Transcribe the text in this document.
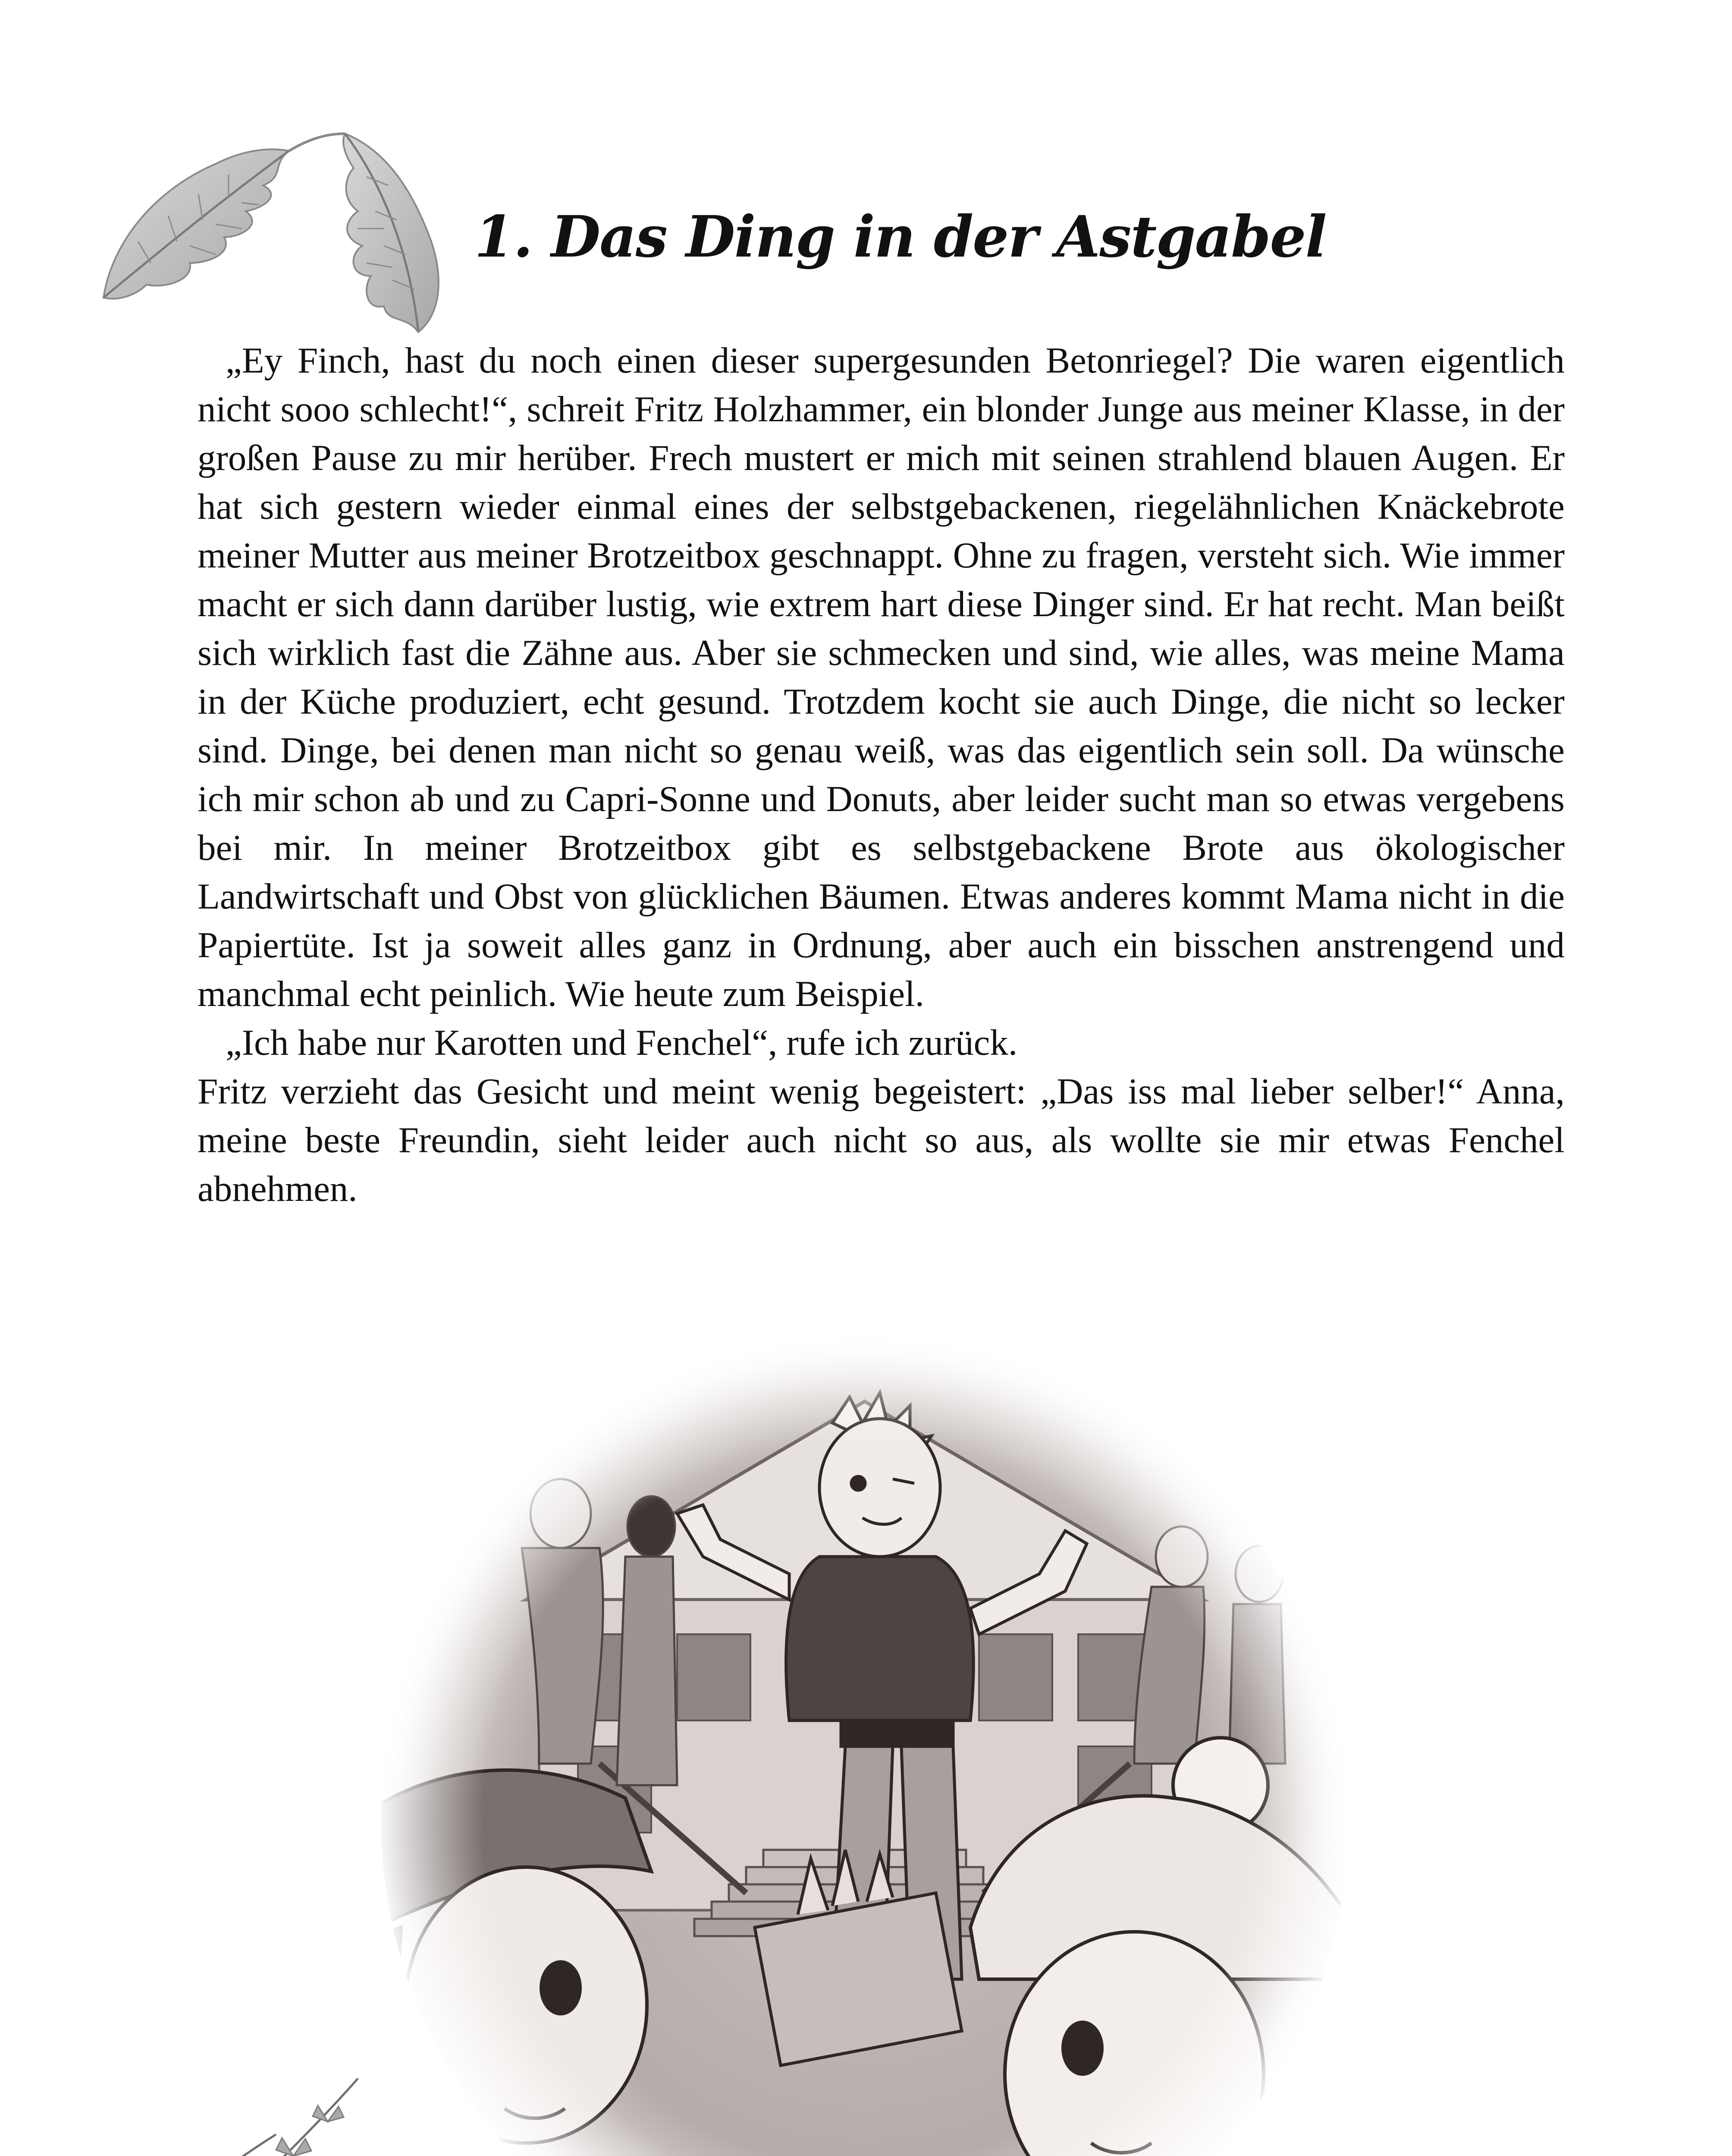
1. Das Ding in der Astgabel

„Ey Finch, hast du noch einen dieser supergesunden Betonriegel? Die waren eigentlich nicht sooo schlecht!“, schreit Fritz Holzhammer, ein blonder Junge aus meiner Klasse, in der großen Pause zu mir herüber. Frech mustert er mich mit seinen strahlend blauen Augen. Er hat sich gestern wieder einmal eines der selbstgebackenen, riegelähnlichen Knäckebrote meiner Mutter aus meiner Brotzeitbox geschnappt. Ohne zu fragen, versteht sich. Wie immer macht er sich dann darüber lustig, wie extrem hart diese Dinger sind. Er hat recht. Man beißt sich wirklich fast die Zähne aus. Aber sie schmecken und sind, wie alles, was meine Mama in der Küche produziert, echt gesund. Trotzdem kocht sie auch Dinge, die nicht so lecker sind. Dinge, bei denen man nicht so genau weiß, was das eigentlich sein soll. Da wünsche ich mir schon ab und zu Capri-Sonne und Donuts, aber leider sucht man so etwas vergebens bei mir. In meiner Brotzeitbox gibt es selbstgebackene Brote aus ökologischer Landwirtschaft und Obst von glücklichen Bäumen. Etwas anderes kommt Mama nicht in die Papiertüte. Ist ja soweit alles ganz in Ordnung, aber auch ein bisschen anstrengend und manchmal echt peinlich. Wie heute zum Beispiel.

„Ich habe nur Karotten und Fenchel“, rufe ich zurück.

Fritz verzieht das Gesicht und meint wenig begeistert: „Das iss mal lieber selber!“ Anna, meine beste Freundin, sieht leider auch nicht so aus, als wollte sie mir etwas Fenchel abnehmen.
